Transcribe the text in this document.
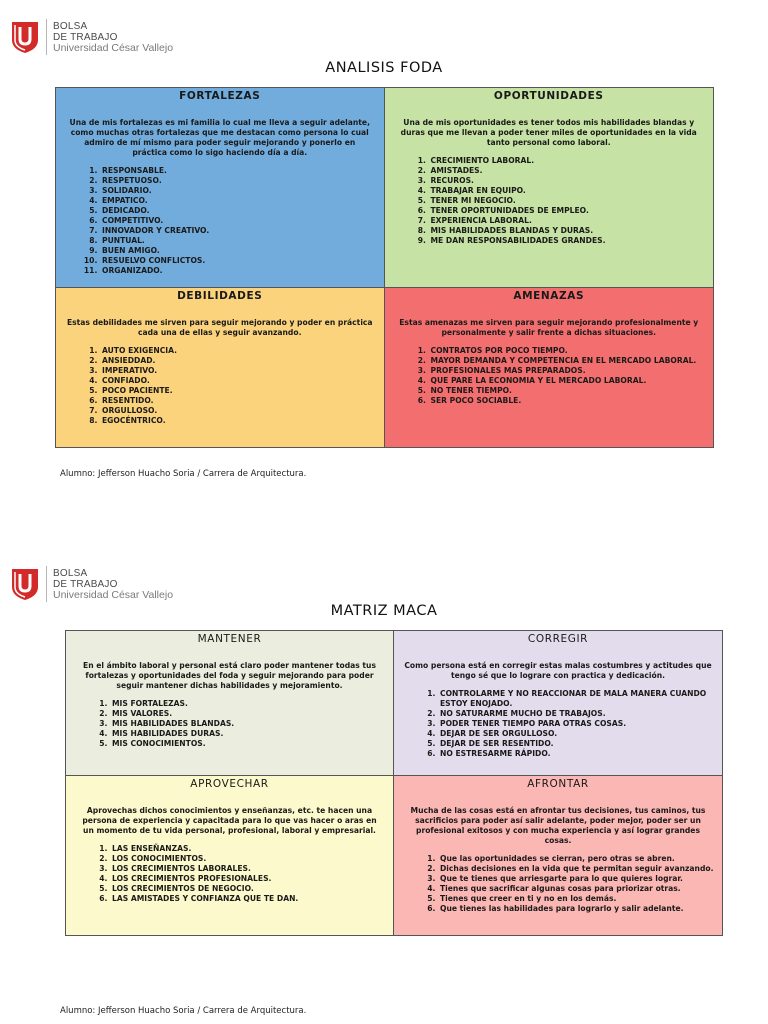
BOLSA
DE TRABAJO
Universidad César Vallejo
ANALISIS FODA
FORTALEZAS
Una de mis fortalezas es mi familia lo cual me lleva a seguir adelante, como muchas otras fortalezas que me destacan como persona lo cual admiro de mí mismo para poder seguir mejorando y ponerlo en práctica como lo sigo haciendo día a día.
1. RESPONSABLE.
2. RESPETUOSO.
3. SOLIDARIO.
4. EMPATICO.
5. DEDICADO.
6. COMPETITIVO.
7. INNOVADOR Y CREATIVO.
8. PUNTUAL.
9. BUEN AMIGO.
10. RESUELVO CONFLICTOS.
11. ORGANIZADO.
OPORTUNIDADES
Una de mis oportunidades es tener todos mis habilidades blandas y duras que me llevan a poder tener miles de oportunidades en la vida tanto personal como laboral.
1. CRECIMIENTO LABORAL.
2. AMISTADES.
3. RECUROS.
4. TRABAJAR EN EQUIPO.
5. TENER MI NEGOCIO.
6. TENER OPORTUNIDADES DE EMPLEO.
7. EXPERIENCIA LABORAL.
8. MIS HABILIDADES BLANDAS Y DURAS.
9. ME DAN RESPONSABILIDADES GRANDES.
DEBILIDADES
Estas debilidades me sirven para seguir mejorando y poder en práctica cada una de ellas y seguir avanzando.
1. AUTO EXIGENCIA.
2. ANSIEDDAD.
3. IMPERATIVO.
4. CONFIADO.
5. POCO PACIENTE.
6. RESENTIDO.
7. ORGULLOSO.
8. EGOCÉNTRICO.
AMENAZAS
Estas amenazas me sirven para seguir mejorando profesionalmente y personalmente y salir frente a dichas situaciones.
1. CONTRATOS POR POCO TIEMPO.
2. MAYOR DEMANDA Y COMPETENCIA EN EL MERCADO LABORAL.
3. PROFESIONALES MAS PREPARADOS.
4. QUE PARE LA ECONOMIA Y EL MERCADO LABORAL.
5. NO TENER TIEMPO.
6. SER POCO SOCIABLE.
Alumno: Jefferson Huacho Soria / Carrera de Arquitectura.
BOLSA
DE TRABAJO
Universidad César Vallejo
MATRIZ MACA
MANTENER
En el ámbito laboral y personal está claro poder mantener todas tus fortalezas y oportunidades del foda y seguir mejorando para poder seguir mantener dichas habilidades y mejoramiento.
1. MIS FORTALEZAS.
2. MIS VALORES.
3. MIS HABILIDADES BLANDAS.
4. MIS HABILIDADES DURAS.
5. MIS CONOCIMIENTOS.
CORREGIR
Como persona está en corregir estas malas costumbres y actitudes que tengo sé que lo lograre con practica y dedicación.
1. CONTROLARME Y NO REACCIONAR DE MALA MANERA CUANDO ESTOY ENOJADO.
2. NO SATURARME MUCHO DE TRABAJOS.
3. PODER TENER TIEMPO PARA OTRAS COSAS.
4. DEJAR DE SER ORGULLOSO.
5. DEJAR DE SER RESENTIDO.
6. NO ESTRESARME RÁPIDO.
APROVECHAR
Aprovechas dichos conocimientos y enseñanzas, etc. te hacen una persona de experiencia y capacitada para lo que vas hacer o aras en un momento de tu vida personal, profesional, laboral y empresarial.
1. LAS ENSEÑANZAS.
2. LOS CONOCIMIENTOS.
3. LOS CRECIMIENTOS LABORALES.
4. LOS CRECIMIENTOS PROFESIONALES.
5. LOS CRECIMIENTOS DE NEGOCIO.
6. LAS AMISTADES Y CONFIANZA QUE TE DAN.
AFRONTAR
Mucha de las cosas está en afrontar tus decisiones, tus caminos, tus sacrificios para poder así salir adelante, poder mejor, poder ser un profesional exitosos y con mucha experiencia y así lograr grandes cosas.
1. Que las oportunidades se cierran, pero otras se abren.
2. Dichas decisiones en la vida que te permitan seguir avanzando.
3. Que te tienes que arriesgarte para lo que quieres lograr.
4. Tienes que sacrificar algunas cosas para priorizar otras.
5. Tienes que creer en ti y no en los demás.
6. Que tienes las habilidades para lograrlo y salir adelante.
Alumno: Jefferson Huacho Soria / Carrera de Arquitectura.
